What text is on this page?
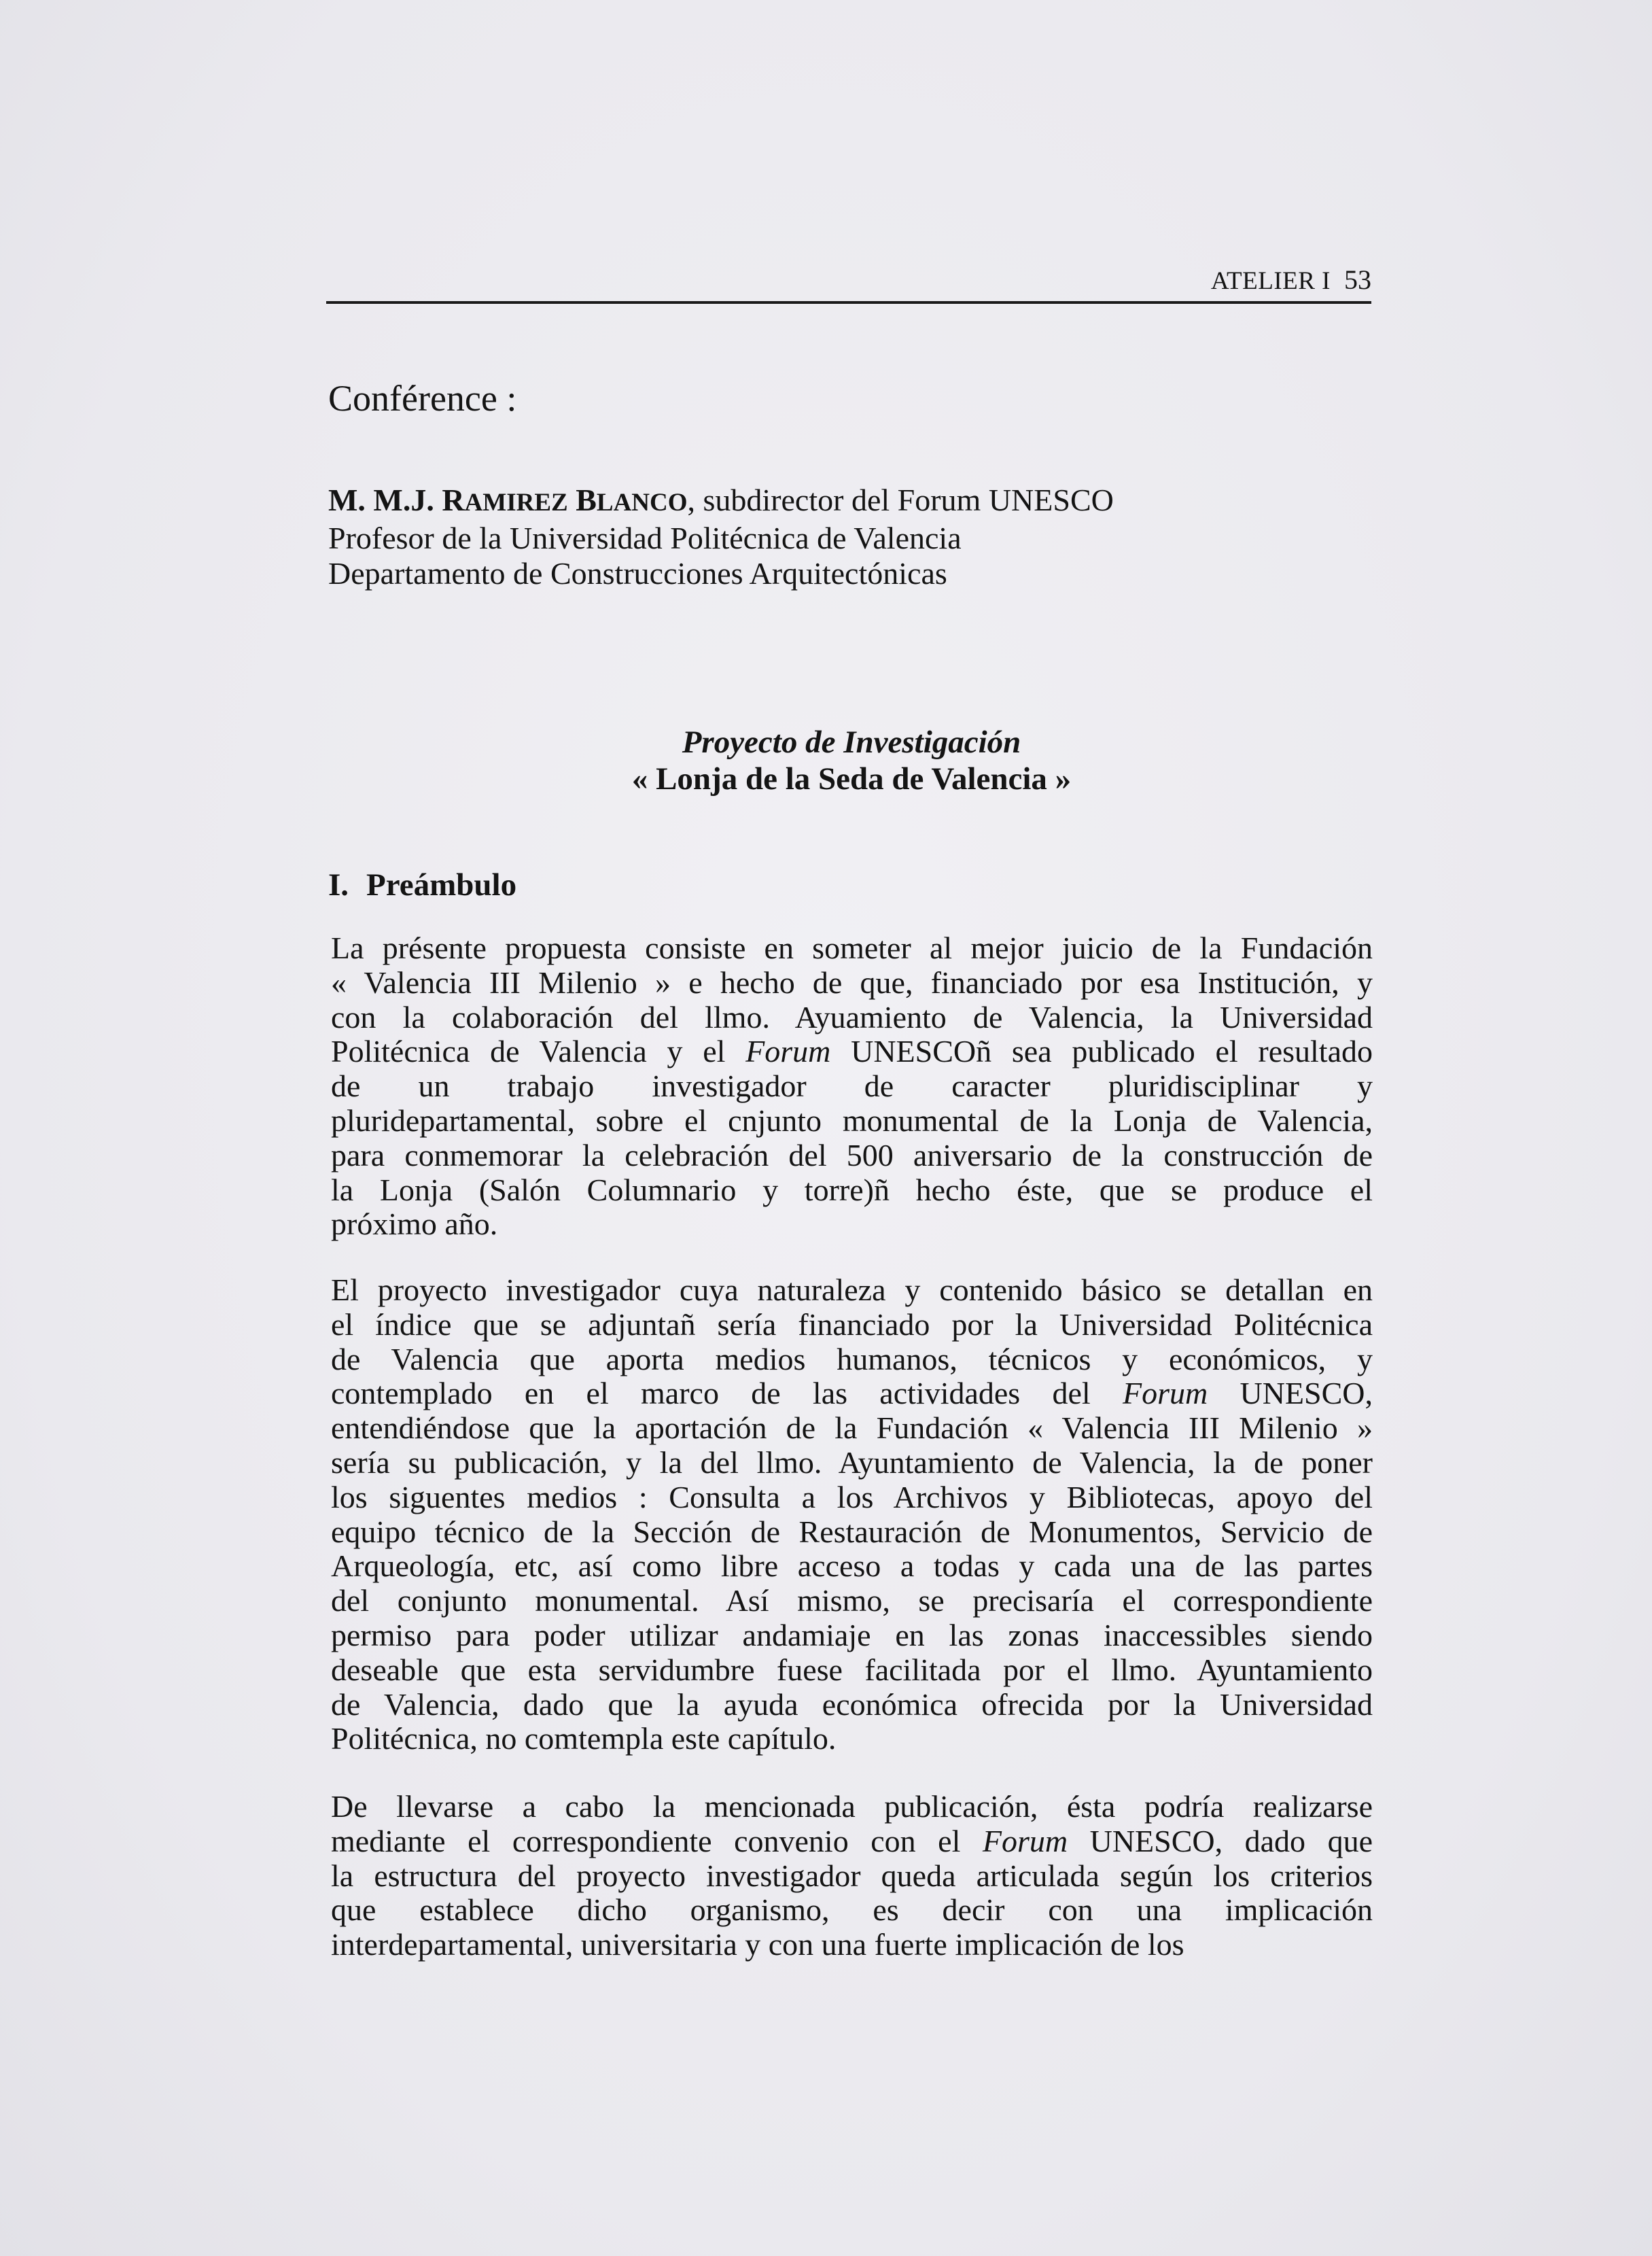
ATELIER I 53
Conférence :
M. M.J. RAMIREZ BLANCO, subdirector del Forum UNESCO
Profesor de la Universidad Politécnica de Valencia
Departamento de Construcciones Arquitectónicas
Proyecto de Investigación
« Lonja de la Seda de Valencia »
I. Preámbulo

La présente propuesta consiste en someter al mejor juicio de la Fundación
« Valencia III Milenio » e hecho de que, financiado por esa Institución, y
con la colaboración del llmo. Ayuamiento de Valencia, la Universidad
Politécnica de Valencia y el Forum UNESCOñ sea publicado el resultado
de un trabajo investigador de caracter pluridisciplinar y
pluridepartamental, sobre el cnjunto monumental de la Lonja de Valencia,
para conmemorar la celebración del 500 aniversario de la construcción de
la Lonja (Salón Columnario y torre)ñ hecho éste, que se produce el
próximo año.

El proyecto investigador cuya naturaleza y contenido básico se detallan en
el índice que se adjuntañ sería financiado por la Universidad Politécnica
de Valencia que aporta medios humanos, técnicos y económicos, y
contemplado en el marco de las actividades del Forum UNESCO,
entendiéndose que la aportación de la Fundación « Valencia III Milenio »
sería su publicación, y la del llmo. Ayuntamiento de Valencia, la de poner
los siguentes medios : Consulta a los Archivos y Bibliotecas, apoyo del
equipo técnico de la Sección de Restauración de Monumentos, Servicio de
Arqueología, etc, así como libre acceso a todas y cada una de las partes
del conjunto monumental. Así mismo, se precisaría el correspondiente
permiso para poder utilizar andamiaje en las zonas inaccessibles siendo
deseable que esta servidumbre fuese facilitada por el llmo. Ayuntamiento
de Valencia, dado que la ayuda económica ofrecida por la Universidad
Politécnica, no comtempla este capítulo.

De llevarse a cabo la mencionada publicación, ésta podría realizarse
mediante el correspondiente convenio con el Forum UNESCO, dado que
la estructura del proyecto investigador queda articulada según los criterios
que establece dicho organismo, es decir con una implicación
interdepartamental, universitaria y con una fuerte implicación de los
